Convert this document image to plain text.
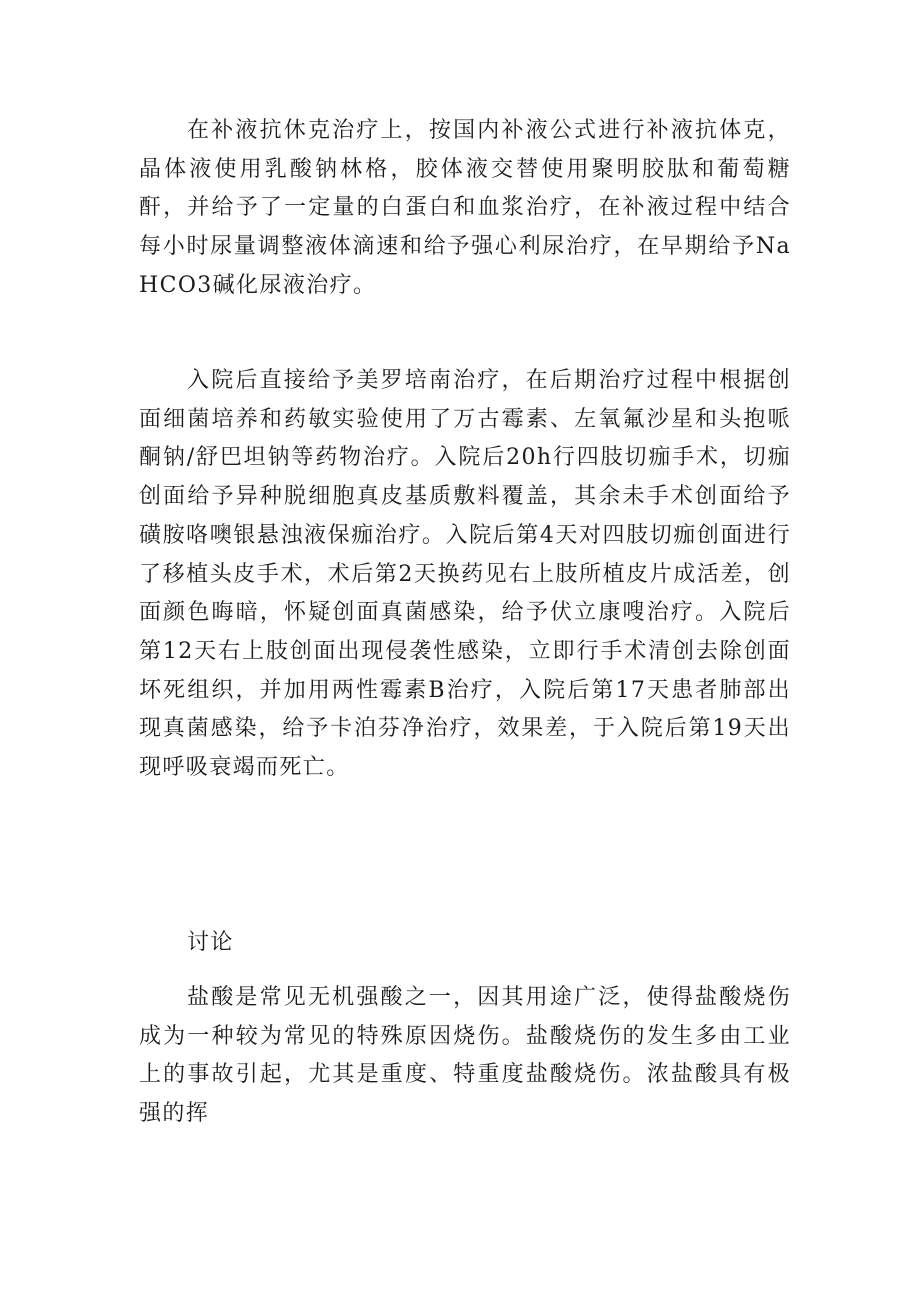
在补液抗休克治疗上，按国内补液公式进行补液抗体克，晶体液使用乳酸钠林格，胶体液交替使用聚明胶肽和葡萄糖酐，并给予了一定量的白蛋白和血浆治疗，在补液过程中结合每小时尿量调整液体滴速和给予强心利尿治疗，在早期给予NaHCO3碱化尿液治疗。

入院后直接给予美罗培南治疗，在后期治疗过程中根据创面细菌培养和药敏实验使用了万古霉素、左氧氟沙星和头抱哌酮钠/舒巴坦钠等药物治疗。入院后20h行四肢切痂手术，切痂创面给予异种脱细胞真皮基质敷料覆盖，其余未手术创面给予磺胺咯噢银悬浊液保痂治疗。入院后第4天对四肢切痂创面进行了移植头皮手术，术后第2天换药见右上肢所植皮片成活差，创面颜色晦暗，怀疑创面真菌感染，给予伏立康嗖治疗。入院后第12天右上肢创面出现侵袭性感染，立即行手术清创去除创面坏死组织，并加用两性霉素B治疗，入院后第17天患者肺部出现真菌感染，给予卡泊芬净治疗，效果差，于入院后第19天出现呼吸衰竭而死亡。

讨论

盐酸是常见无机强酸之一，因其用途广泛，使得盐酸烧伤成为一种较为常见的特殊原因烧伤。盐酸烧伤的发生多由工业上的事故引起，尤其是重度、特重度盐酸烧伤。浓盐酸具有极强的挥
